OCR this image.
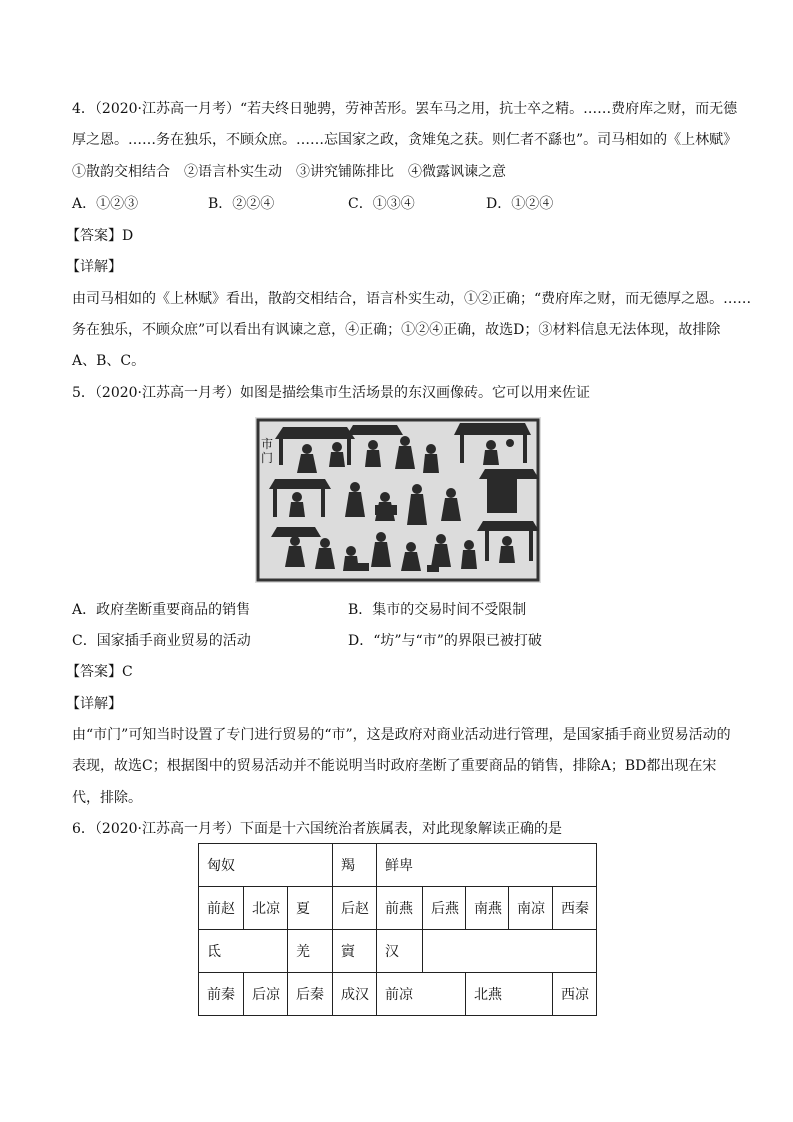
4．（2020·江苏高一月考）“若夫终日驰骋，劳神苦形。罢车马之用，抗士卒之精。……费府库之财，而无德
厚之恩。……务在独乐，不顾众庶。……忘国家之政，贪雉兔之获。则仁者不繇也”。司马相如的《上林赋》
①散韵交相结合　②语言朴实生动　③讲究铺陈排比　④微露讽谏之意
A．①②③	B．②②④	C．①③④	D．①②④
【答案】D
【详解】
由司马相如的《上林赋》看出，散韵交相结合，语言朴实生动，①②正确；“费府库之财，而无德厚之恩。……
务在独乐，不顾众庶”可以看出有讽谏之意，④正确；①②④正确，故选D；③材料信息无法体现，故排除
A、B、C。
5．（2020·江苏高一月考）如图是描绘集市生活场景的东汉画像砖。它可以用来佐证
市门
A．政府垄断重要商品的销售	B．集市的交易时间不受限制
C．国家插手商业贸易的活动	D．“坊”与“市”的界限已被打破
【答案】C
【详解】
由“市门”可知当时设置了专门进行贸易的“市”，这是政府对商业活动进行管理，是国家插手商业贸易活动的
表现，故选C；根据图中的贸易活动并不能说明当时政府垄断了重要商品的销售，排除A；BD都出现在宋
代，排除。
6．（2020·江苏高一月考）下面是十六国统治者族属表，对此现象解读正确的是
匈奴			羯	鲜卑				
前赵	北凉	夏	后赵	前燕	后燕	南燕	南凉	西秦
氐		羌	賨	汉				
前秦	后凉	后秦	成汉	前凉		北燕		西凉
